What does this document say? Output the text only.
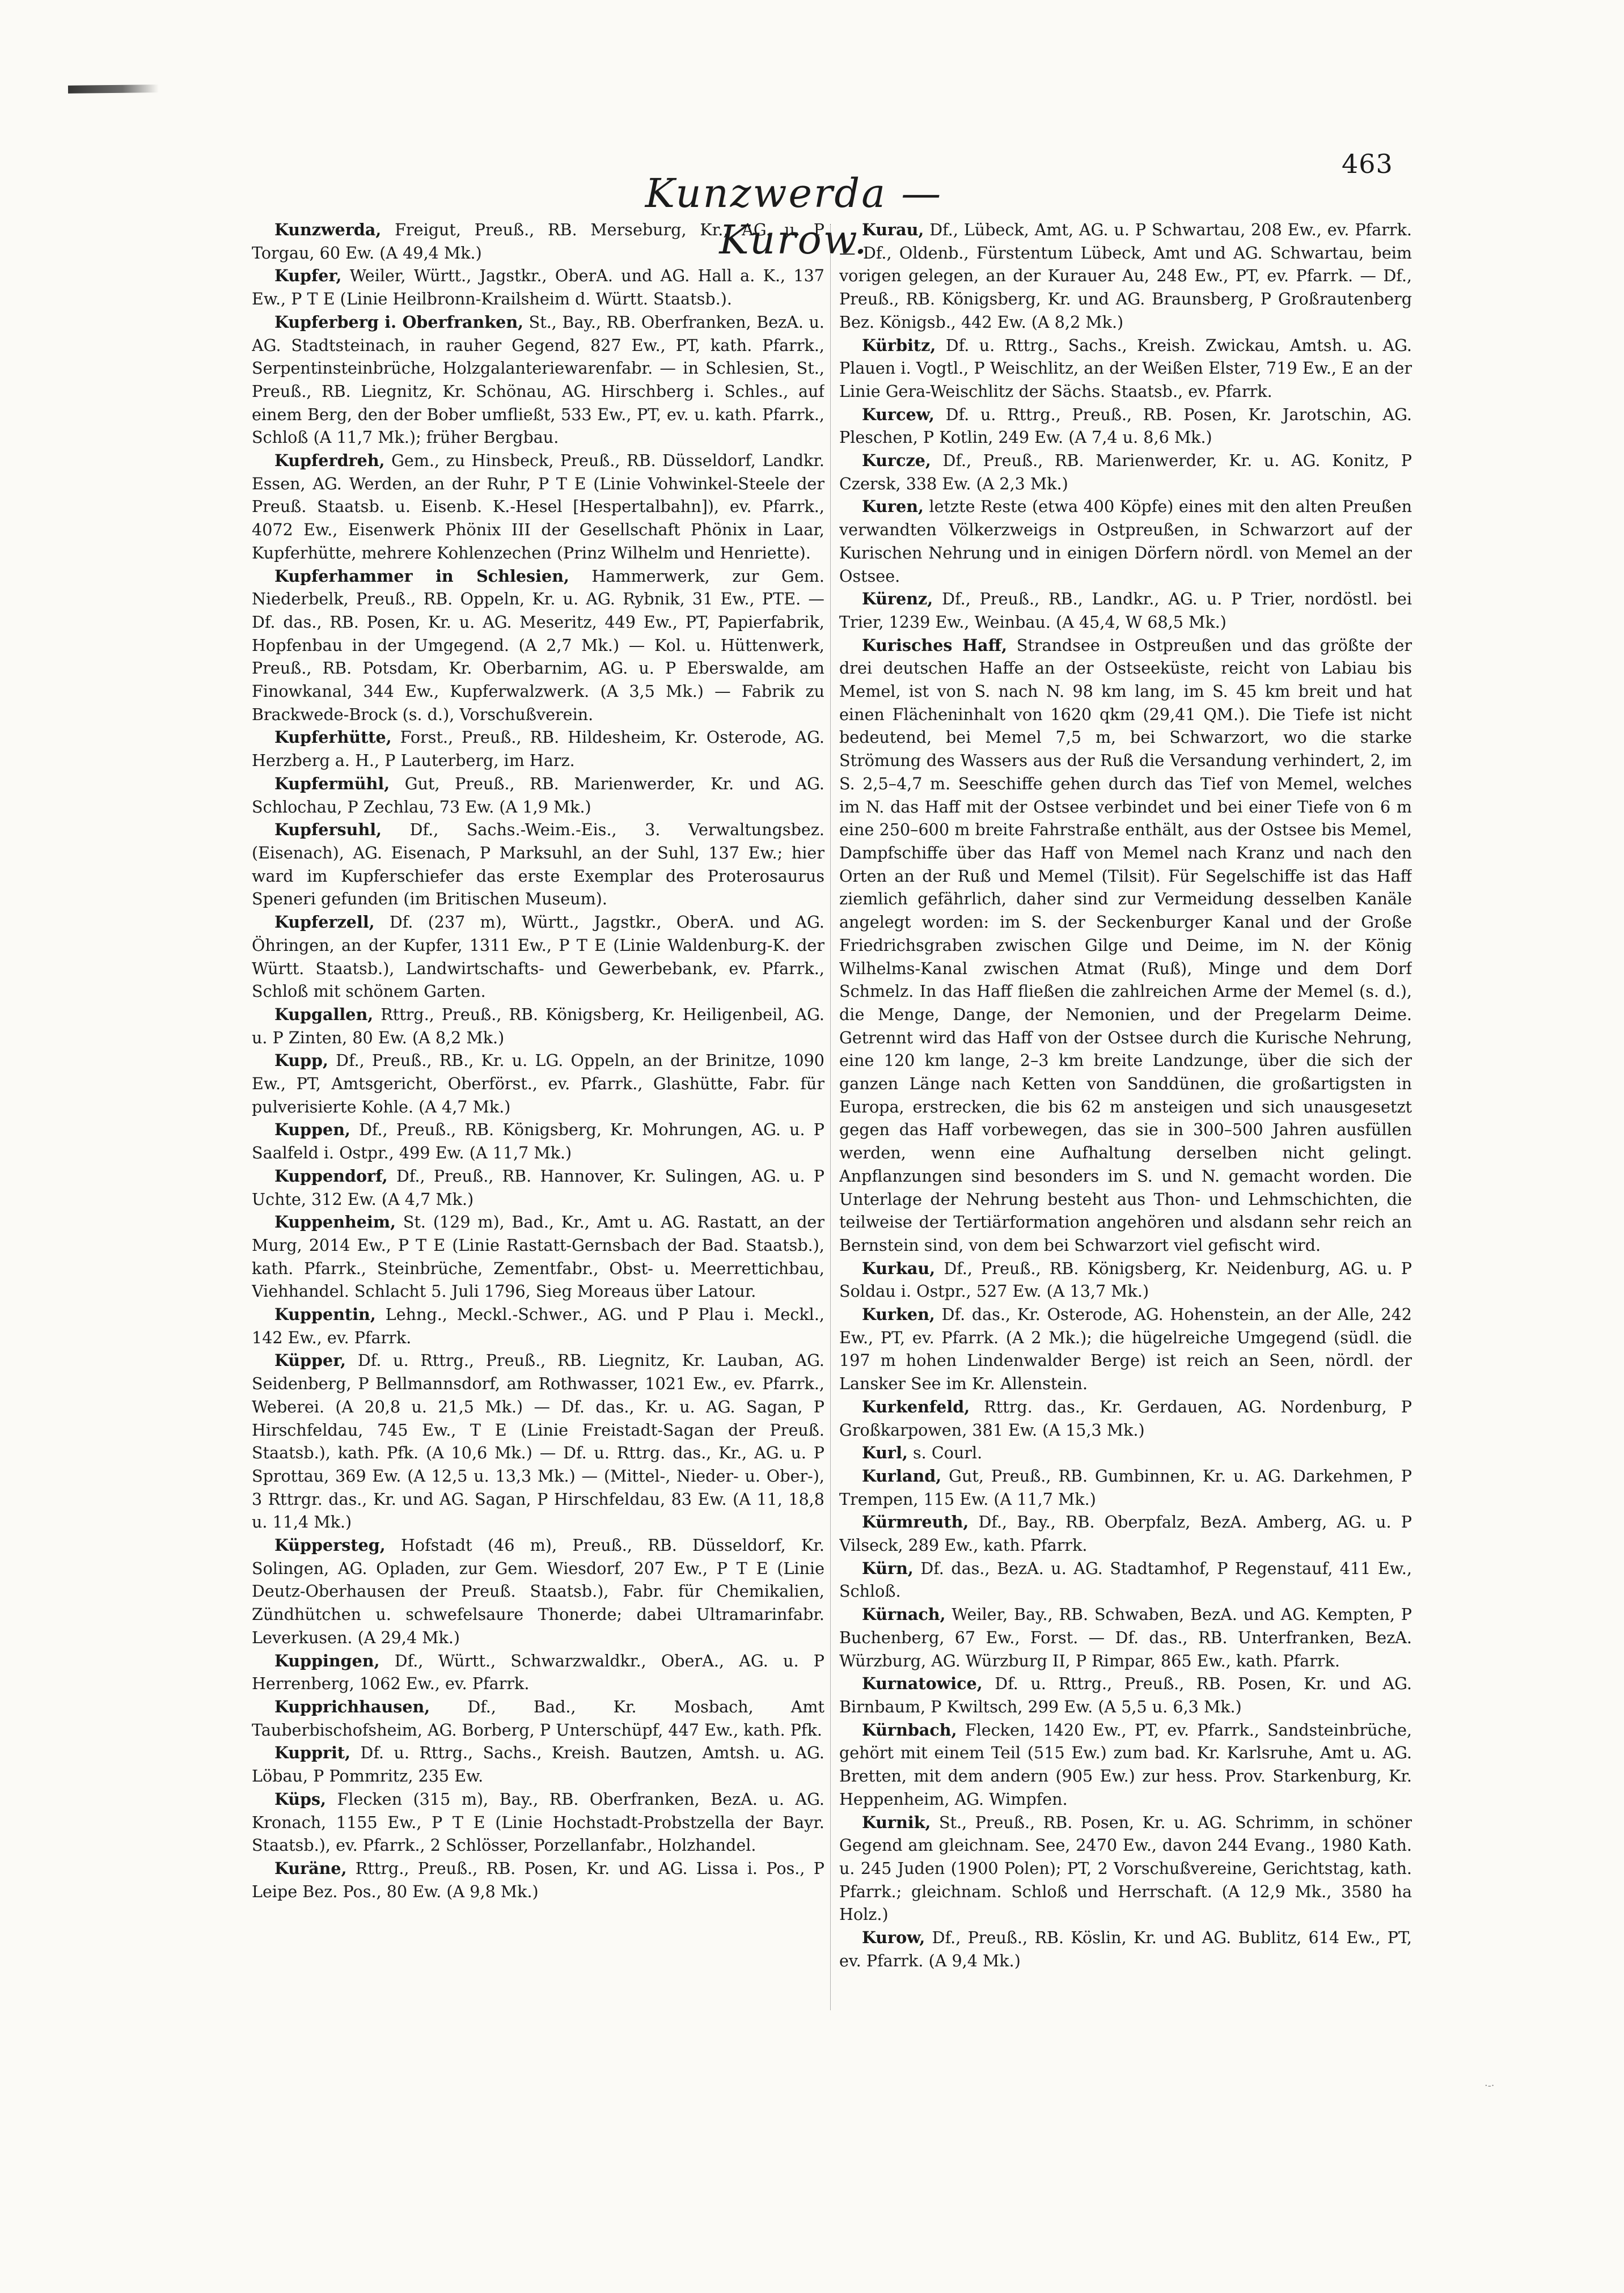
463
Kunzwerda — Kurow.

Kunzwerda, Freigut, Preuß., RB. Merseburg, Kr., AG. u. P Torgau, 60 Ew. (A 49,4 Mk.)

Kupfer, Weiler, Württ., Jagstkr., OberA. und AG. Hall a. K., 137 Ew., P T E (Linie Heilbronn-Krailsheim d. Württ. Staatsb.).

Kupferberg i. Oberfranken, St., Bay., RB. Oberfranken, BezA. u. AG. Stadtsteinach, in rauher Gegend, 827 Ew., PT, kath. Pfarrk., Serpentinsteinbrüche, Holzgalanteriewarenfabr. — in Schlesien, St., Preuß., RB. Liegnitz, Kr. Schönau, AG. Hirschberg i. Schles., auf einem Berg, den der Bober umfließt, 533 Ew., PT, ev. u. kath. Pfarrk., Schloß (A 11,7 Mk.); früher Bergbau.

Kupferdreh, Gem., zu Hinsbeck, Preuß., RB. Düsseldorf, Landkr. Essen, AG. Werden, an der Ruhr, P T E (Linie Vohwinkel-Steele der Preuß. Staatsb. u. Eisenb. K.-Hesel [Hespertalbahn]), ev. Pfarrk., 4072 Ew., Eisenwerk Phönix III der Gesellschaft Phönix in Laar, Kupferhütte, mehrere Kohlenzechen (Prinz Wilhelm und Henriette).

Kupferhammer in Schlesien, Hammerwerk, zur Gem. Niederbelk, Preuß., RB. Oppeln, Kr. u. AG. Rybnik, 31 Ew., PTE. — Df. das., RB. Posen, Kr. u. AG. Meseritz, 449 Ew., PT, Papierfabrik, Hopfenbau in der Umgegend. (A 2,7 Mk.) — Kol. u. Hüttenwerk, Preuß., RB. Potsdam, Kr. Oberbarnim, AG. u. P Eberswalde, am Finowkanal, 344 Ew., Kupferwalzwerk. (A 3,5 Mk.) — Fabrik zu Brackwede-Brock (s. d.), Vorschußverein.

Kupferhütte, Forst., Preuß., RB. Hildesheim, Kr. Osterode, AG. Herzberg a. H., P Lauterberg, im Harz.

Kupfermühl, Gut, Preuß., RB. Marienwerder, Kr. und AG. Schlochau, P Zechlau, 73 Ew. (A 1,9 Mk.)

Kupfersuhl, Df., Sachs.-Weim.-Eis., 3. Verwaltungsbez. (Eisenach), AG. Eisenach, P Marksuhl, an der Suhl, 137 Ew.; hier ward im Kupferschiefer das erste Exemplar des Proterosaurus Speneri gefunden (im Britischen Museum).

Kupferzell, Df. (237 m), Württ., Jagstkr., OberA. und AG. Öhringen, an der Kupfer, 1311 Ew., P T E (Linie Waldenburg-K. der Württ. Staatsb.), Landwirtschafts- und Gewerbebank, ev. Pfarrk., Schloß mit schönem Garten.

Kupgallen, Rttrg., Preuß., RB. Königsberg, Kr. Heiligenbeil, AG. u. P Zinten, 80 Ew. (A 8,2 Mk.)

Kupp, Df., Preuß., RB., Kr. u. LG. Oppeln, an der Brinitze, 1090 Ew., PT, Amtsgericht, Oberförst., ev. Pfarrk., Glashütte, Fabr. für pulverisierte Kohle. (A 4,7 Mk.)

Kuppen, Df., Preuß., RB. Königsberg, Kr. Mohrungen, AG. u. P Saalfeld i. Ostpr., 499 Ew. (A 11,7 Mk.)

Kuppendorf, Df., Preuß., RB. Hannover, Kr. Sulingen, AG. u. P Uchte, 312 Ew. (A 4,7 Mk.)

Kuppenheim, St. (129 m), Bad., Kr., Amt u. AG. Rastatt, an der Murg, 2014 Ew., P T E (Linie Rastatt-Gernsbach der Bad. Staatsb.), kath. Pfarrk., Steinbrüche, Zementfabr., Obst- u. Meerrettichbau, Viehhandel. Schlacht 5. Juli 1796, Sieg Moreaus über Latour.

Kuppentin, Lehng., Meckl.-Schwer., AG. und P Plau i. Meckl., 142 Ew., ev. Pfarrk.

Küpper, Df. u. Rttrg., Preuß., RB. Liegnitz, Kr. Lauban, AG. Seidenberg, P Bellmannsdorf, am Rothwasser, 1021 Ew., ev. Pfarrk., Weberei. (A 20,8 u. 21,5 Mk.) — Df. das., Kr. u. AG. Sagan, P Hirschfeldau, 745 Ew., T E (Linie Freistadt-Sagan der Preuß. Staatsb.), kath. Pfk. (A 10,6 Mk.) — Df. u. Rttrg. das., Kr., AG. u. P Sprottau, 369 Ew. (A 12,5 u. 13,3 Mk.) — (Mittel-, Nieder- u. Ober-), 3 Rttrgr. das., Kr. und AG. Sagan, P Hirschfeldau, 83 Ew. (A 11, 18,8 u. 11,4 Mk.)

Küppersteg, Hofstadt (46 m), Preuß., RB. Düsseldorf, Kr. Solingen, AG. Opladen, zur Gem. Wiesdorf, 207 Ew., P T E (Linie Deutz-Oberhausen der Preuß. Staatsb.), Fabr. für Chemikalien, Zündhütchen u. schwefelsaure Thonerde; dabei Ultramarinfabr. Leverkusen. (A 29,4 Mk.)

Kuppingen, Df., Württ., Schwarzwaldkr., OberA., AG. u. P Herrenberg, 1062 Ew., ev. Pfarrk.

Kupprichhausen, Df., Bad., Kr. Mosbach, Amt Tauberbischofsheim, AG. Borberg, P Unterschüpf, 447 Ew., kath. Pfk.

Kupprit, Df. u. Rttrg., Sachs., Kreish. Bautzen, Amtsh. u. AG. Löbau, P Pommritz, 235 Ew.

Küps, Flecken (315 m), Bay., RB. Oberfranken, BezA. u. AG. Kronach, 1155 Ew., P T E (Linie Hochstadt-Probstzella der Bayr. Staatsb.), ev. Pfarrk., 2 Schlösser, Porzellanfabr., Holzhandel.

Kuräne, Rttrg., Preuß., RB. Posen, Kr. und AG. Lissa i. Pos., P Leipe Bez. Pos., 80 Ew. (A 9,8 Mk.)

Kurau, Df., Lübeck, Amt, AG. u. P Schwartau, 208 Ew., ev. Pfarrk. — Df., Oldenb., Fürstentum Lübeck, Amt und AG. Schwartau, beim vorigen gelegen, an der Kurauer Au, 248 Ew., PT, ev. Pfarrk. — Df., Preuß., RB. Königsberg, Kr. und AG. Braunsberg, P Großrautenberg Bez. Königsb., 442 Ew. (A 8,2 Mk.)

Kürbitz, Df. u. Rttrg., Sachs., Kreish. Zwickau, Amtsh. u. AG. Plauen i. Vogtl., P Weischlitz, an der Weißen Elster, 719 Ew., E an der Linie Gera-Weischlitz der Sächs. Staatsb., ev. Pfarrk.

Kurcew, Df. u. Rttrg., Preuß., RB. Posen, Kr. Jarotschin, AG. Pleschen, P Kotlin, 249 Ew. (A 7,4 u. 8,6 Mk.)

Kurcze, Df., Preuß., RB. Marienwerder, Kr. u. AG. Konitz, P Czersk, 338 Ew. (A 2,3 Mk.)

Kuren, letzte Reste (etwa 400 Köpfe) eines mit den alten Preußen verwandten Völkerzweigs in Ostpreußen, in Schwarzort auf der Kurischen Nehrung und in einigen Dörfern nördl. von Memel an der Ostsee.

Kürenz, Df., Preuß., RB., Landkr., AG. u. P Trier, nordöstl. bei Trier, 1239 Ew., Weinbau. (A 45,4, W 68,5 Mk.)

Kurisches Haff, Strandsee in Ostpreußen und das größte der drei deutschen Haffe an der Ostseeküste, reicht von Labiau bis Memel, ist von S. nach N. 98 km lang, im S. 45 km breit und hat einen Flächeninhalt von 1620 qkm (29,41 QM.). Die Tiefe ist nicht bedeutend, bei Memel 7,5 m, bei Schwarzort, wo die starke Strömung des Wassers aus der Ruß die Versandung verhindert, 2, im S. 2,5–4,7 m. Seeschiffe gehen durch das Tief von Memel, welches im N. das Haff mit der Ostsee verbindet und bei einer Tiefe von 6 m eine 250–600 m breite Fahrstraße enthält, aus der Ostsee bis Memel, Dampfschiffe über das Haff von Memel nach Kranz und nach den Orten an der Ruß und Memel (Tilsit). Für Segelschiffe ist das Haff ziemlich gefährlich, daher sind zur Vermeidung desselben Kanäle angelegt worden: im S. der Seckenburger Kanal und der Große Friedrichsgraben zwischen Gilge und Deime, im N. der König Wilhelms-Kanal zwischen Atmat (Ruß), Minge und dem Dorf Schmelz. In das Haff fließen die zahlreichen Arme der Memel (s. d.), die Menge, Dange, der Nemonien, und der Pregelarm Deime. Getrennt wird das Haff von der Ostsee durch die Kurische Nehrung, eine 120 km lange, 2–3 km breite Landzunge, über die sich der ganzen Länge nach Ketten von Sanddünen, die großartigsten in Europa, erstrecken, die bis 62 m ansteigen und sich unausgesetzt gegen das Haff vorbewegen, das sie in 300–500 Jahren ausfüllen werden, wenn eine Aufhaltung derselben nicht gelingt. Anpflanzungen sind besonders im S. und N. gemacht worden. Die Unterlage der Nehrung besteht aus Thon- und Lehmschichten, die teilweise der Tertiärformation angehören und alsdann sehr reich an Bernstein sind, von dem bei Schwarzort viel gefischt wird.

Kurkau, Df., Preuß., RB. Königsberg, Kr. Neidenburg, AG. u. P Soldau i. Ostpr., 527 Ew. (A 13,7 Mk.)

Kurken, Df. das., Kr. Osterode, AG. Hohenstein, an der Alle, 242 Ew., PT, ev. Pfarrk. (A 2 Mk.); die hügelreiche Umgegend (südl. die 197 m hohen Lindenwalder Berge) ist reich an Seen, nördl. der Lansker See im Kr. Allenstein.

Kurkenfeld, Rttrg. das., Kr. Gerdauen, AG. Nordenburg, P Großkarpowen, 381 Ew. (A 15,3 Mk.)

Kurl, s. Courl.

Kurland, Gut, Preuß., RB. Gumbinnen, Kr. u. AG. Darkehmen, P Trempen, 115 Ew. (A 11,7 Mk.)

Kürmreuth, Df., Bay., RB. Oberpfalz, BezA. Amberg, AG. u. P Vilseck, 289 Ew., kath. Pfarrk.

Kürn, Df. das., BezA. u. AG. Stadtamhof, P Regenstauf, 411 Ew., Schloß.

Kürnach, Weiler, Bay., RB. Schwaben, BezA. und AG. Kempten, P Buchenberg, 67 Ew., Forst. — Df. das., RB. Unterfranken, BezA. Würzburg, AG. Würzburg II, P Rimpar, 865 Ew., kath. Pfarrk.

Kurnatowice, Df. u. Rttrg., Preuß., RB. Posen, Kr. und AG. Birnbaum, P Kwiltsch, 299 Ew. (A 5,5 u. 6,3 Mk.)

Kürnbach, Flecken, 1420 Ew., PT, ev. Pfarrk., Sandsteinbrüche, gehört mit einem Teil (515 Ew.) zum bad. Kr. Karlsruhe, Amt u. AG. Bretten, mit dem andern (905 Ew.) zur hess. Prov. Starkenburg, Kr. Heppenheim, AG. Wimpfen.

Kurnik, St., Preuß., RB. Posen, Kr. u. AG. Schrimm, in schöner Gegend am gleichnam. See, 2470 Ew., davon 244 Evang., 1980 Kath. u. 245 Juden (1900 Polen); PT, 2 Vorschußvereine, Gerichtstag, kath. Pfarrk.; gleichnam. Schloß und Herrschaft. (A 12,9 Mk., 3580 ha Holz.)

Kurow, Df., Preuß., RB. Köslin, Kr. und AG. Bublitz, 614 Ew., PT, ev. Pfarrk. (A 9,4 Mk.)

·-·
